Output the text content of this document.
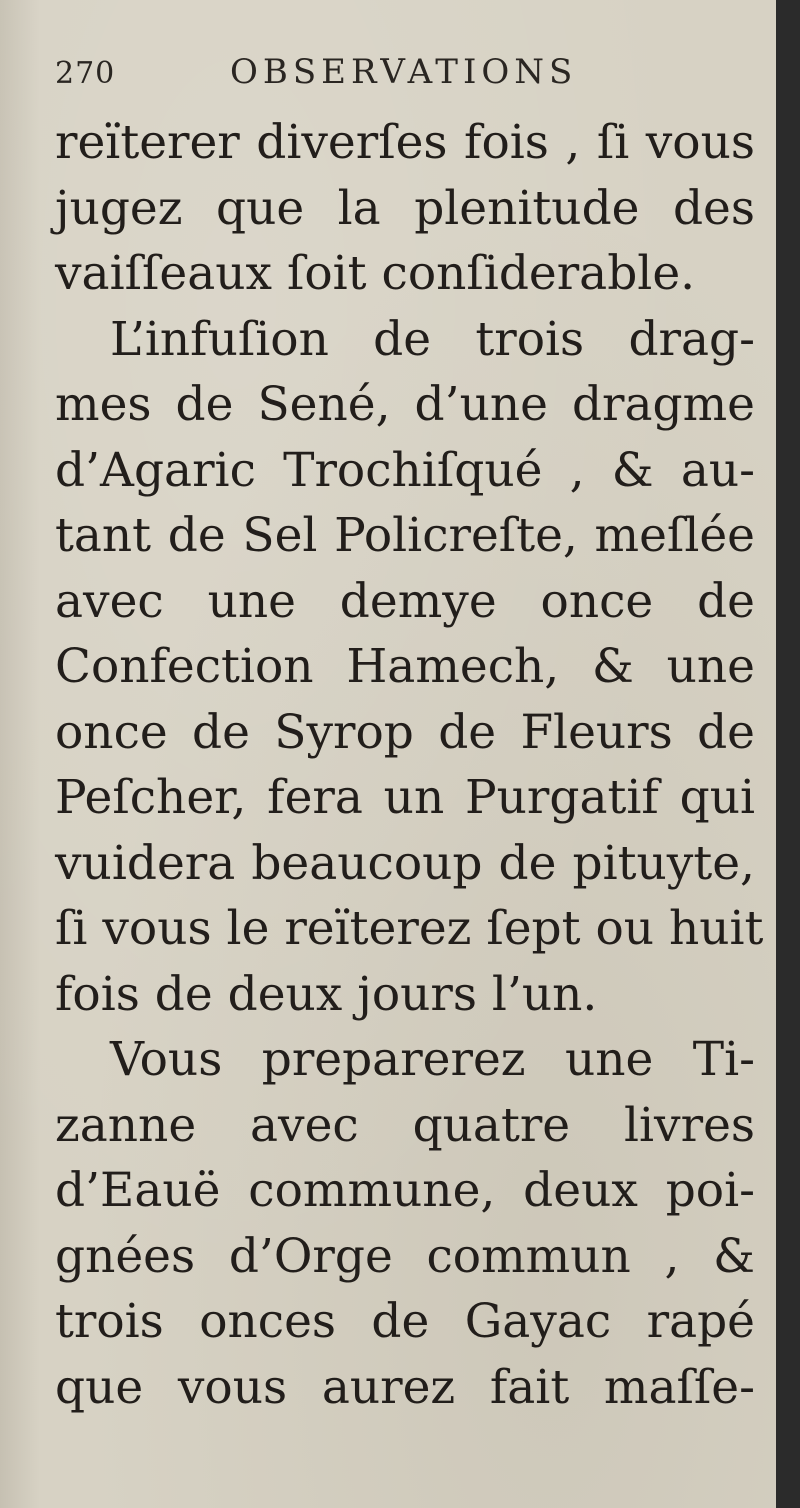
270	OBSERVATIONS
reïterer diverſes fois , ſi vous
jugez que la plenitude des
vaiſſeaux ſoit conſiderable.
L’infuſion de trois drag-
mes de Sené, d’une dragme
d’Agaric Trochiſqué , & au-
tant de Sel Policreſte, meſlée
avec une demye once de
Confection Hamech, & une
once de Syrop de Fleurs de
Peſcher, fera un Purgatif qui
vuidera beaucoup de pituyte,
ſi vous le reïterez ſept ou huit
fois de deux jours l’un.
Vous preparerez une Ti-
zanne avec quatre livres
d’Eauë commune, deux poi-
gnées d’Orge commun , &
trois onces de Gayac rapé
que vous aurez fait maſſe-
